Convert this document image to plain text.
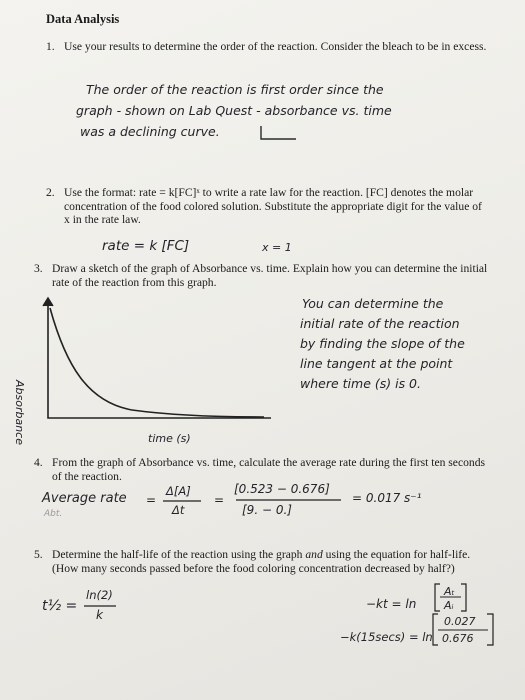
Data Analysis
1. Use your results to determine the order of the reaction. Consider the bleach to be in excess.
The order of the reaction is first order since the
graph - shown on Lab Quest - absorbance vs. time
was a declining curve.
2. Use the format: rate = k[FC]ˣ to write a rate law for the reaction. [FC] denotes the molar concentration of the food colored solution. Substitute the appropriate digit for the value of x in the rate law.
rate = k [FC]	x = 1
3. Draw a sketch of the graph of Absorbance vs. time. Explain how you can determine the initial rate of the reaction from this graph.
Absorbance	time (s)
You can determine the
initial rate of the reaction
by finding the slope of the
line tangent at the point
where time (s) is 0.
4. From the graph of Absorbance vs. time, calculate the average rate during the first ten seconds of the reaction.
Average rate
Abt.
=
Δ[A]
Δt
=
[0.523 − 0.676]
[9. − 0.]
= 0.017 s⁻¹
5. Determine the half-life of the reaction using the graph and using the equation for half-life. (How many seconds passed before the food coloring concentration decreased by half?)
t½ =
ln(2)
k
−kt = ln
Aₜ
Aᵢ
−k(15secs) = ln
0.027
0.676
